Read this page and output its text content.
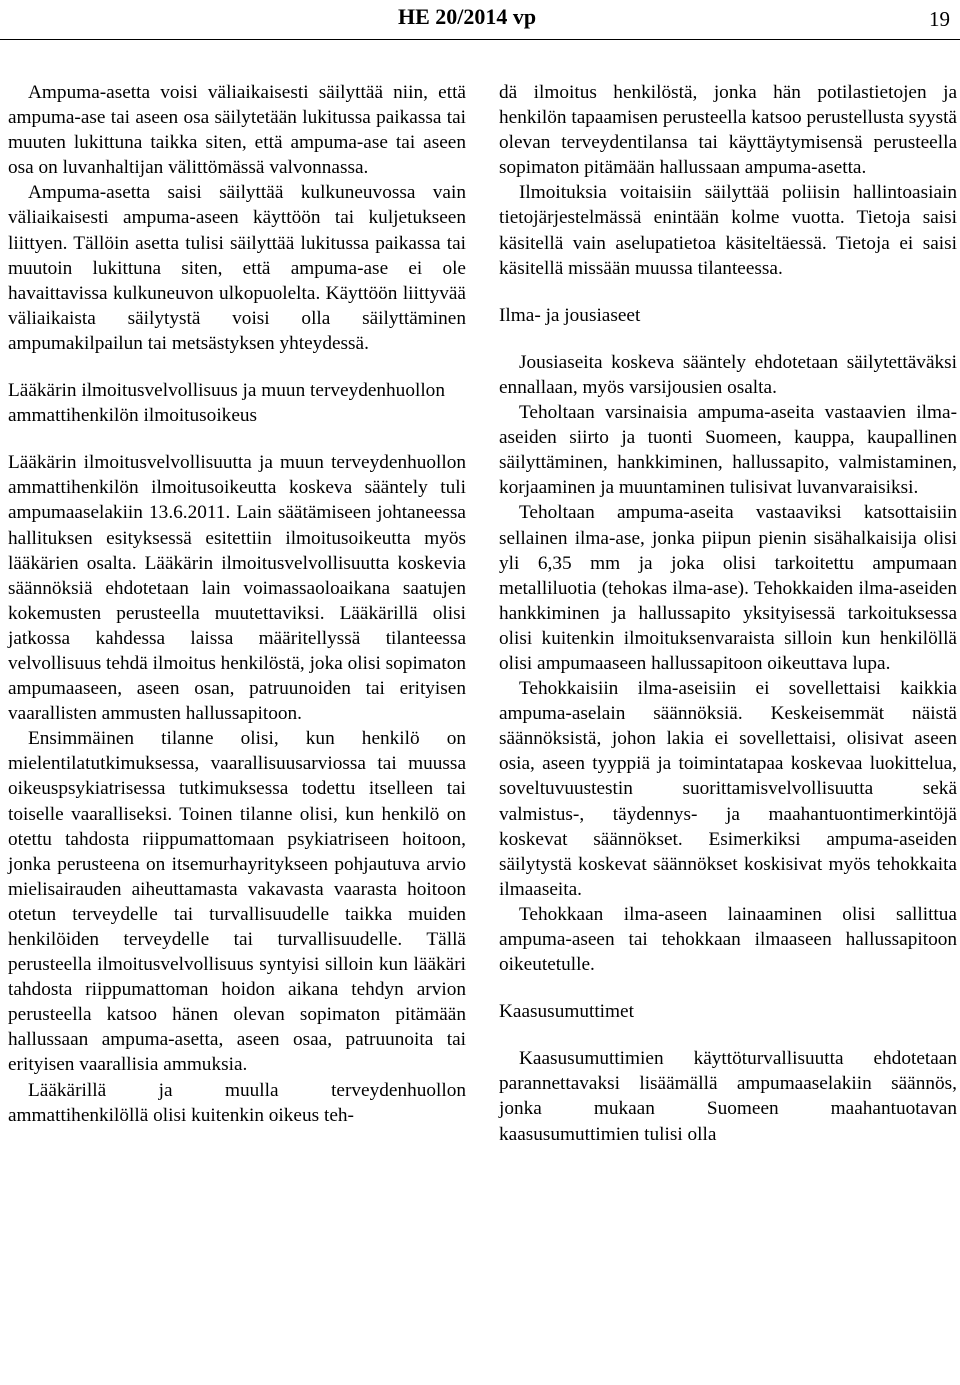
HE 20/2014 vp	19

Ampuma-asetta voisi väliaikaisesti säilyttää niin, että ampuma-ase tai aseen osa säilytetään lukitussa paikassa tai muuten lukittuna taikka siten, että ampuma-ase tai aseen osa on luvanhaltijan välittömässä valvonnassa.

Ampuma-asetta saisi säilyttää kulkuneuvossa vain väliaikaisesti ampuma-aseen käyttöön tai kuljetukseen liittyen. Tällöin asetta tulisi säilyttää lukitussa paikassa tai muutoin lukittuna siten, että ampuma-ase ei ole havaittavissa kulkuneuvon ulkopuolelta. Käyttöön liittyvää väliaikaista säilytystä voisi olla säilyttäminen ampumakilpailun tai metsästyksen yhteydessä.

Lääkärin ilmoitusvelvollisuus ja muun terveydenhuollon ammattihenkilön ilmoitusoikeus

Lääkärin ilmoitusvelvollisuutta ja muun terveydenhuollon ammattihenkilön ilmoitusoikeutta koskeva sääntely tuli ampumaaselakiin 13.6.2011. Lain säätämiseen johtaneessa hallituksen esityksessä esitettiin ilmoitusoikeutta myös lääkärien osalta. Lääkärin ilmoitusvelvollisuutta koskevia säännöksiä ehdotetaan lain voimassaoloaikana saatujen kokemusten perusteella muutettaviksi. Lääkärillä olisi jatkossa kahdessa laissa määritellyssä tilanteessa velvollisuus tehdä ilmoitus henkilöstä, joka olisi sopimaton ampumaaseen, aseen osan, patruunoiden tai erityisen vaarallisten ammusten hallussapitoon.

Ensimmäinen tilanne olisi, kun henkilö on mielentilatutkimuksessa, vaarallisuusarviossa tai muussa oikeuspsykiatrisessa tutkimuksessa todettu itselleen tai toiselle vaaralliseksi. Toinen tilanne olisi, kun henkilö on otettu tahdosta riippumattomaan psykiatriseen hoitoon, jonka perusteena on itsemurhayritykseen pohjautuva arvio mielisairauden aiheuttamasta vakavasta vaarasta hoitoon otetun terveydelle tai turvallisuudelle taikka muiden henkilöiden terveydelle tai turvallisuudelle. Tällä perusteella ilmoitusvelvollisuus syntyisi silloin kun lääkäri tahdosta riippumattoman hoidon aikana tehdyn arvion perusteella katsoo hänen olevan sopimaton pitämään hallussaan ampuma-asetta, aseen osaa, patruunoita tai erityisen vaarallisia ammuksia.

Lääkärillä ja muulla terveydenhuollon ammattihenkilöllä olisi kuitenkin oikeus teh-

dä ilmoitus henkilöstä, jonka hän potilastietojen ja henkilön tapaamisen perusteella katsoo perustellusta syystä olevan terveydentilansa tai käyttäytymisensä perusteella sopimaton pitämään hallussaan ampuma-asetta.

Ilmoituksia voitaisiin säilyttää poliisin hallintoasiain tietojärjestelmässä enintään kolme vuotta. Tietoja saisi käsitellä vain aselupatietoa käsiteltäessä. Tietoja ei saisi käsitellä missään muussa tilanteessa.

Ilma- ja jousiaseet

Jousiaseita koskeva sääntely ehdotetaan säilytettäväksi ennallaan, myös varsijousien osalta.

Teholtaan varsinaisia ampuma-aseita vastaavien ilma-aseiden siirto ja tuonti Suomeen, kauppa, kaupallinen säilyttäminen, hankkiminen, hallussapito, valmistaminen, korjaaminen ja muuntaminen tulisivat luvanvaraisiksi.

Teholtaan ampuma-aseita vastaaviksi katsottaisiin sellainen ilma-ase, jonka piipun pienin sisähalkaisija olisi yli 6,35 mm ja joka olisi tarkoitettu ampumaan metalliluotia (tehokas ilma-ase). Tehokkaiden ilma-aseiden hankkiminen ja hallussapito yksityisessä tarkoituksessa olisi kuitenkin ilmoituksenvaraista silloin kun henkilöllä olisi ampumaaseen hallussapitoon oikeuttava lupa.

Tehokkaisiin ilma-aseisiin ei sovellettaisi kaikkia ampuma-aselain säännöksiä. Keskeisemmät näistä säännöksistä, johon lakia ei sovellettaisi, olisivat aseen osia, aseen tyyppiä ja toimintatapaa koskevaa luokittelua, soveltuvuustestin suorittamisvelvollisuutta sekä valmistus-, täydennys- ja maahantuontimerkintöjä koskevat säännökset. Esimerkiksi ampuma-aseiden säilytystä koskevat säännökset koskisivat myös tehokkaita ilmaaseita.

Tehokkaan ilma-aseen lainaaminen olisi sallittua ampuma-aseen tai tehokkaan ilmaaseen hallussapitoon oikeutetulle.

Kaasusumuttimet

Kaasusumuttimien käyttöturvallisuutta ehdotetaan parannettavaksi lisäämällä ampumaaselakiin säännös, jonka mukaan Suomeen maahantuotavan kaasusumuttimien tulisi olla
